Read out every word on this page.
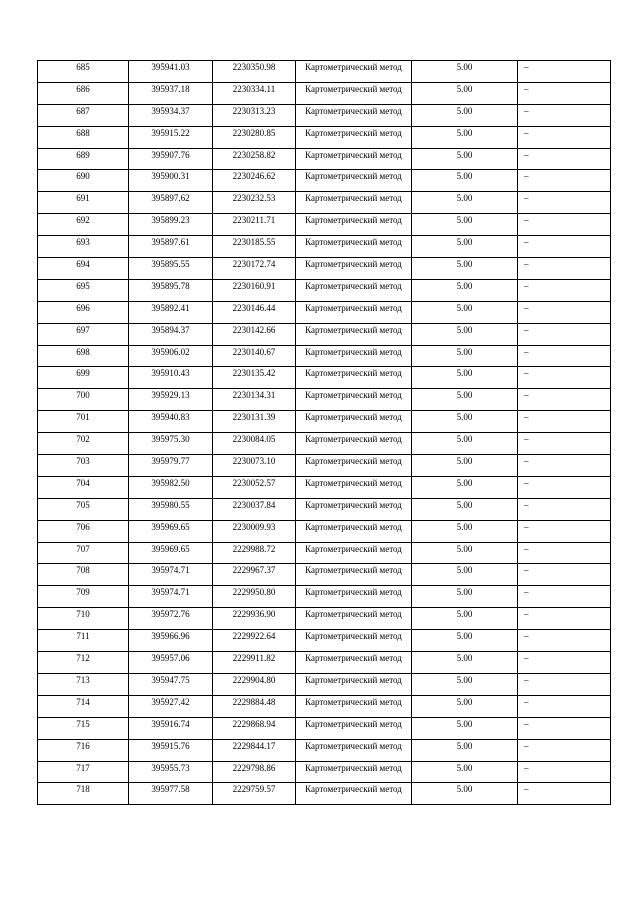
685	395941.03	2230350.98	Картометрический метод	5.00	–
686	395937.18	2230334.11	Картометрический метод	5.00	–
687	395934.37	2230313.23	Картометрический метод	5.00	–
688	395915.22	2230280.85	Картометрический метод	5.00	–
689	395907.76	2230258.82	Картометрический метод	5.00	–
690	395900.31	2230246.62	Картометрический метод	5.00	–
691	395897.62	2230232.53	Картометрический метод	5.00	–
692	395899.23	2230211.71	Картометрический метод	5.00	–
693	395897.61	2230185.55	Картометрический метод	5.00	–
694	395895.55	2230172.74	Картометрический метод	5.00	–
695	395895.78	2230160.91	Картометрический метод	5.00	–
696	395892.41	2230146.44	Картометрический метод	5.00	–
697	395894.37	2230142.66	Картометрический метод	5.00	–
698	395906.02	2230140.67	Картометрический метод	5.00	–
699	395910.43	2230135.42	Картометрический метод	5.00	–
700	395929.13	2230134.31	Картометрический метод	5.00	–
701	395940.83	2230131.39	Картометрический метод	5.00	–
702	395975.30	2230084.05	Картометрический метод	5.00	–
703	395979.77	2230073.10	Картометрический метод	5.00	–
704	395982.50	2230052.57	Картометрический метод	5.00	–
705	395980.55	2230037.84	Картометрический метод	5.00	–
706	395969.65	2230009.93	Картометрический метод	5.00	–
707	395969.65	2229988.72	Картометрический метод	5.00	–
708	395974.71	2229967.37	Картометрический метод	5.00	–
709	395974.71	2229950.80	Картометрический метод	5.00	–
710	395972.76	2229936.90	Картометрический метод	5.00	–
711	395966.96	2229922.64	Картометрический метод	5.00	–
712	395957.06	2229911.82	Картометрический метод	5.00	–
713	395947.75	2229904.80	Картометрический метод	5.00	–
714	395927.42	2229884.48	Картометрический метод	5.00	–
715	395916.74	2229868.94	Картометрический метод	5.00	–
716	395915.76	2229844.17	Картометрический метод	5.00	–
717	395955.73	2229798.86	Картометрический метод	5.00	–
718	395977.58	2229759.57	Картометрический метод	5.00	–
